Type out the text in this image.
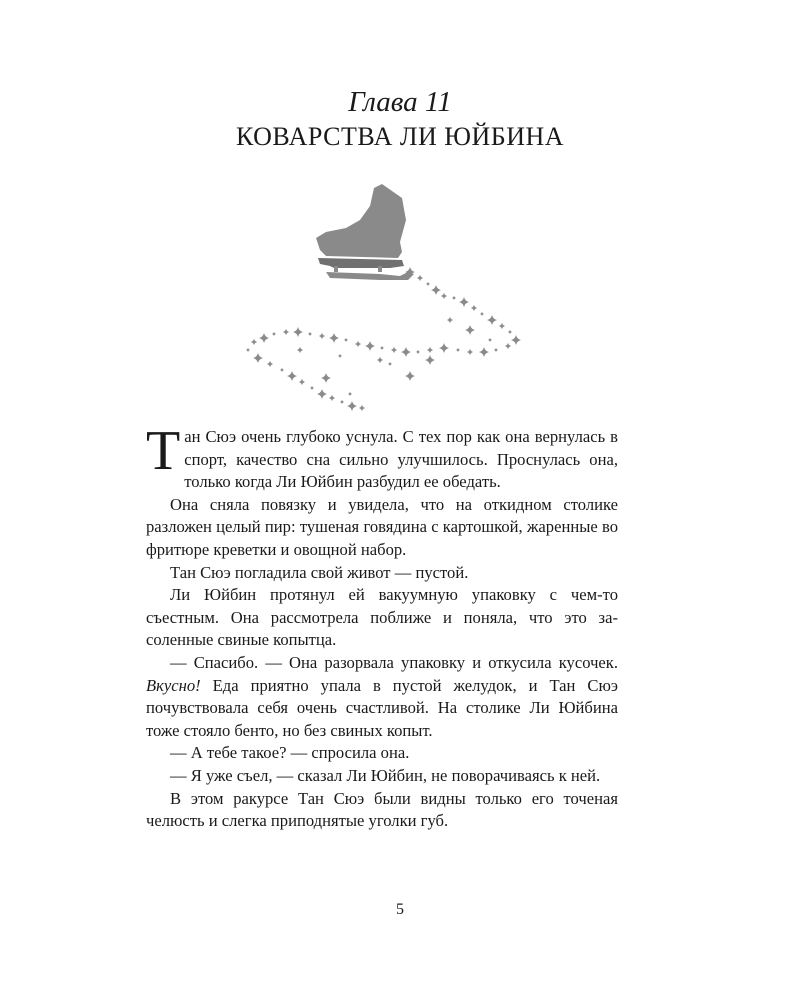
Глава 11
КОВАРСТВА ЛИ ЮЙБИНА

Тан Сюэ очень глубоко уснула. С тех пор как она вернулась в спорт, качество сна сильно улучшилось. Проснулась она, только когда Ли Юйбин разбудил ее обедать.

Она сняла повязку и увидела, что на откидном столике разложен целый пир: тушеная говядина с картошкой, жаренные во фритюре креветки и овощной набор.

Тан Сюэ погладила свой живот — пустой.

Ли Юйбин протянул ей вакуумную упаковку с чем-то съестным. Она рассмотрела поближе и поняла, что это засоленные свиные копытца.

— Спасибо. — Она разорвала упаковку и откусила кусочек. Вкусно! Еда приятно упала в пустой желудок, и Тан Сюэ почувствовала себя очень счастливой. На столике Ли Юйбина тоже стояло бенто, но без свиных копыт.

— А тебе такое? — спросила она.

— Я уже съел, — сказал Ли Юйбин, не поворачиваясь к ней.

В этом ракурсе Тан Сюэ были видны только его точеная челюсть и слегка приподнятые уголки губ.

5
